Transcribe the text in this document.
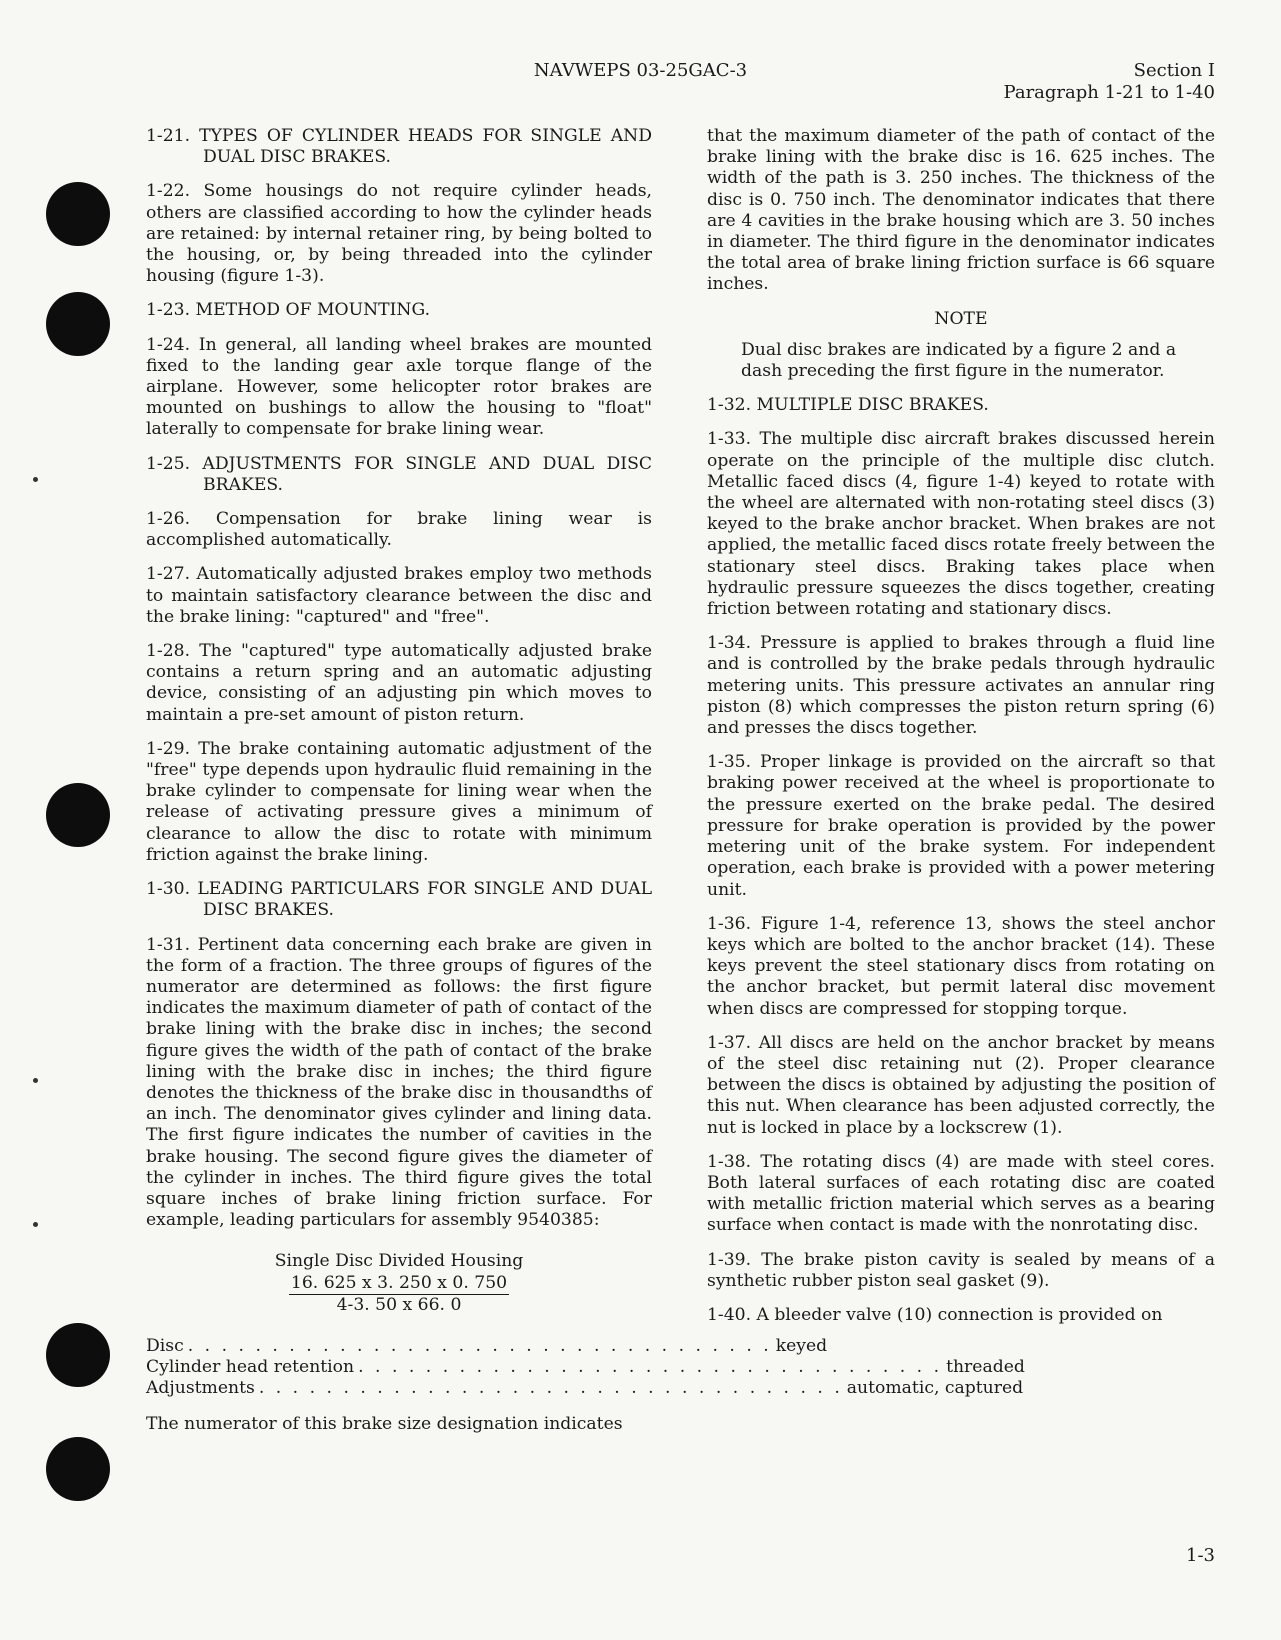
NAVWEPS 03-25GAC-3	Section I
Paragraph 1-21 to 1-40

1-21. TYPES OF CYLINDER HEADS FOR SINGLE AND DUAL DISC BRAKES.

1-22. Some housings do not require cylinder heads, others are classified according to how the cylinder heads are retained: by internal retainer ring, by being bolted to the housing, or, by being threaded into the cylinder housing (figure 1-3).

1-23. METHOD OF MOUNTING.

1-24. In general, all landing wheel brakes are mounted fixed to the landing gear axle torque flange of the airplane. However, some helicopter rotor brakes are mounted on bushings to allow the housing to "float" laterally to compensate for brake lining wear.

1-25. ADJUSTMENTS FOR SINGLE AND DUAL DISC BRAKES.

1-26. Compensation for brake lining wear is accomplished automatically.

1-27. Automatically adjusted brakes employ two methods to maintain satisfactory clearance between the disc and the brake lining: "captured" and "free".

1-28. The "captured" type automatically adjusted brake contains a return spring and an automatic adjusting device, consisting of an adjusting pin which moves to maintain a pre-set amount of piston return.

1-29. The brake containing automatic adjustment of the "free" type depends upon hydraulic fluid remaining in the brake cylinder to compensate for lining wear when the release of activating pressure gives a minimum of clearance to allow the disc to rotate with minimum friction against the brake lining.

1-30. LEADING PARTICULARS FOR SINGLE AND DUAL DISC BRAKES.

1-31. Pertinent data concerning each brake are given in the form of a fraction. The three groups of figures of the numerator are determined as follows: the first figure indicates the maximum diameter of path of contact of the brake lining with the brake disc in inches; the second figure gives the width of the path of contact of the brake lining with the brake disc in inches; the third figure denotes the thickness of the brake disc in thousandths of an inch. The denominator gives cylinder and lining data. The first figure indicates the number of cavities in the brake housing. The second figure gives the diameter of the cylinder in inches. The third figure gives the total square inches of brake lining friction surface. For example, leading particulars for assembly 9540385:

Single Disc Divided Housing
16. 625 x 3. 250 x 0. 750
4-3. 50 x 66. 0
Disc . . . . . . . . . . . . . . . . . . . . . . . . . . . . . . . . . . . keyed
Cylinder head retention . . . . . . . . . . . . . . . . . . . . . . . . . . . . . . . . . . . threaded
Adjustments . . . . . . . . . . . . . . . . . . . . . . . . . . . . . . . . . . . automatic, captured

The numerator of this brake size designation indicates

that the maximum diameter of the path of contact of the brake lining with the brake disc is 16. 625 inches. The width of the path is 3. 250 inches. The thickness of the disc is 0. 750 inch. The denominator indicates that there are 4 cavities in the brake housing which are 3. 50 inches in diameter. The third figure in the denominator indicates the total area of brake lining friction surface is 66 square inches.

NOTE

Dual disc brakes are indicated by a figure 2 and a dash preceding the first figure in the numerator.

1-32. MULTIPLE DISC BRAKES.

1-33. The multiple disc aircraft brakes discussed herein operate on the principle of the multiple disc clutch. Metallic faced discs (4, figure 1-4) keyed to rotate with the wheel are alternated with non-rotating steel discs (3) keyed to the brake anchor bracket. When brakes are not applied, the metallic faced discs rotate freely between the stationary steel discs. Braking takes place when hydraulic pressure squeezes the discs together, creating friction between rotating and stationary discs.

1-34. Pressure is applied to brakes through a fluid line and is controlled by the brake pedals through hydraulic metering units. This pressure activates an annular ring piston (8) which compresses the piston return spring (6) and presses the discs together.

1-35. Proper linkage is provided on the aircraft so that braking power received at the wheel is proportionate to the pressure exerted on the brake pedal. The desired pressure for brake operation is provided by the power metering unit of the brake system. For independent operation, each brake is provided with a power metering unit.

1-36. Figure 1-4, reference 13, shows the steel anchor keys which are bolted to the anchor bracket (14). These keys prevent the steel stationary discs from rotating on the anchor bracket, but permit lateral disc movement when discs are compressed for stopping torque.

1-37. All discs are held on the anchor bracket by means of the steel disc retaining nut (2). Proper clearance between the discs is obtained by adjusting the position of this nut. When clearance has been adjusted correctly, the nut is locked in place by a lockscrew (1).

1-38. The rotating discs (4) are made with steel cores. Both lateral surfaces of each rotating disc are coated with metallic friction material which serves as a bearing surface when contact is made with the nonrotating disc.

1-39. The brake piston cavity is sealed by means of a synthetic rubber piston seal gasket (9).

1-40. A bleeder valve (10) connection is provided on

1-3
